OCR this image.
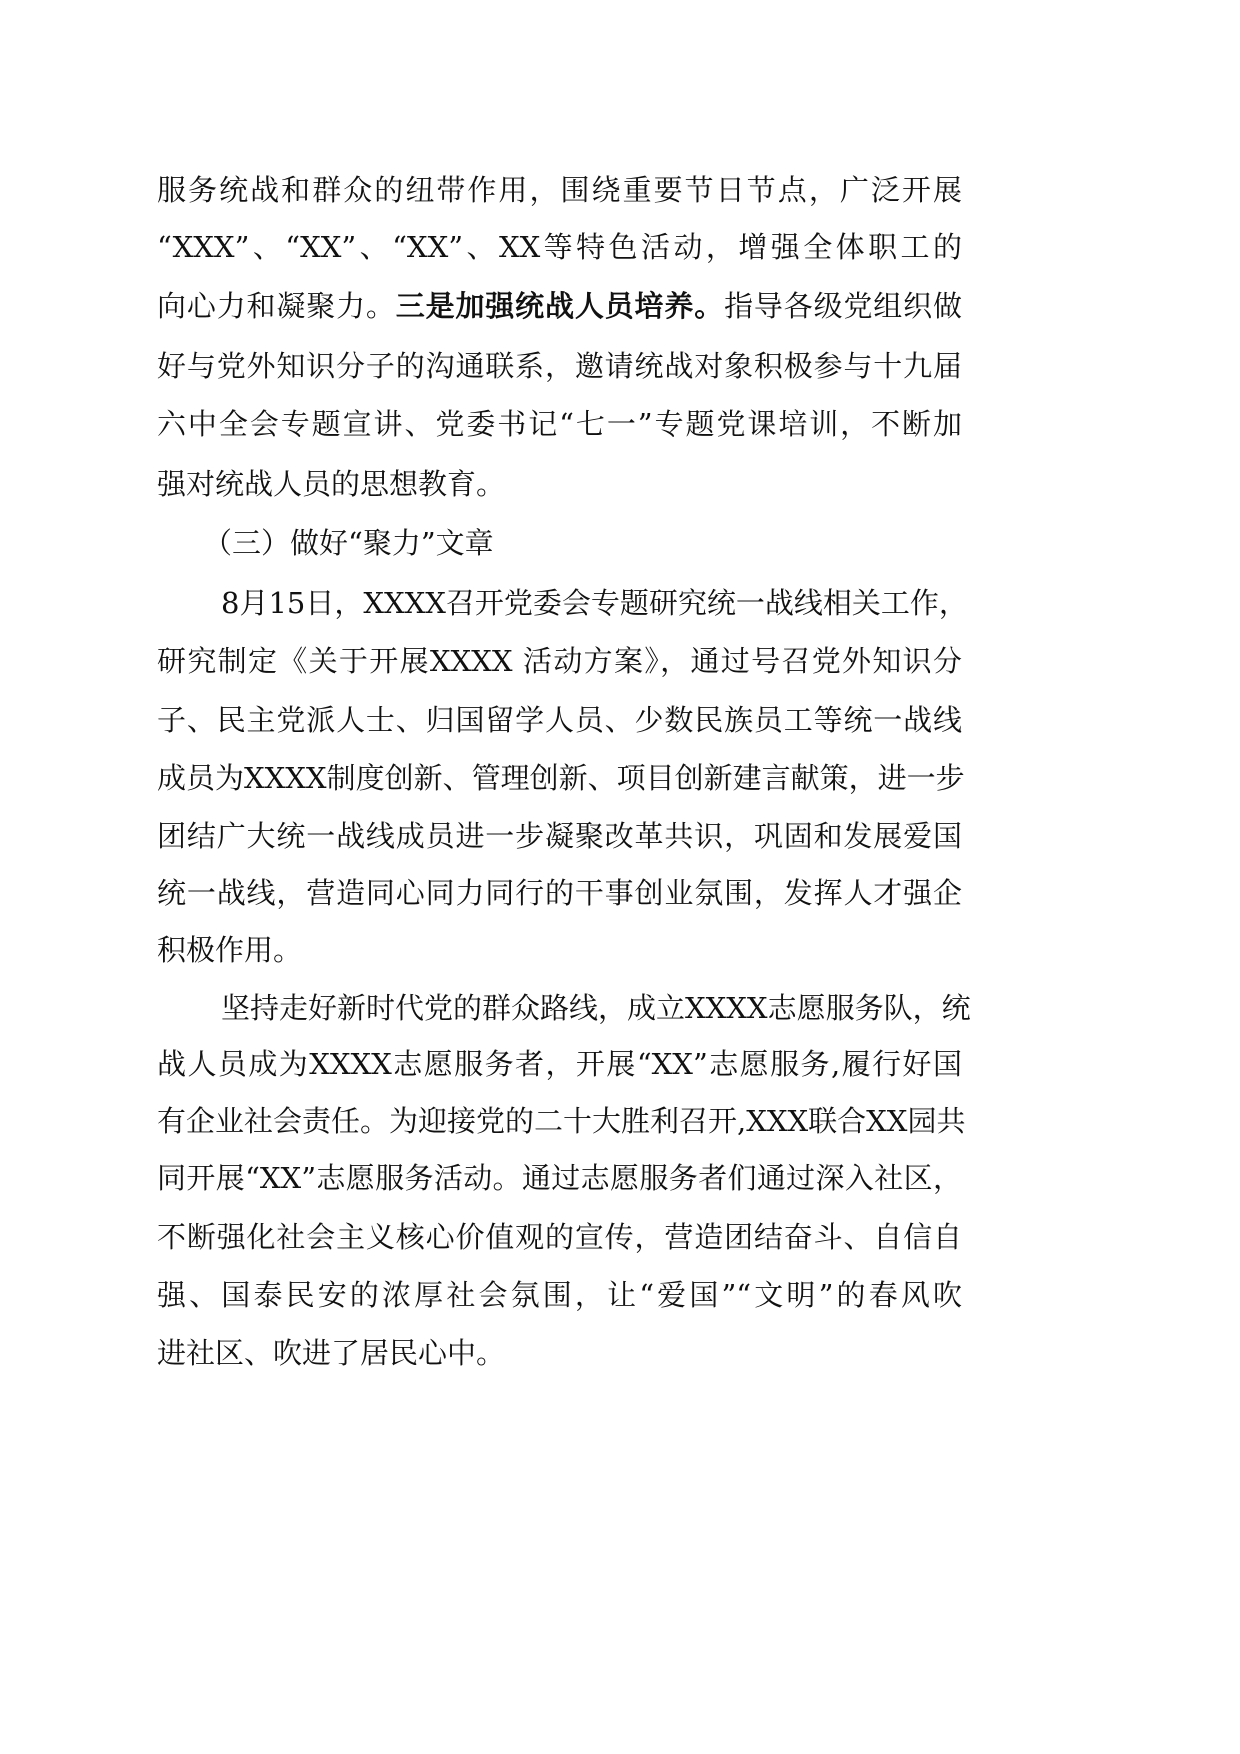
服务统战和群众的纽带作用，围绕重要节日节点，广泛开展
“XXX”、“XX”、“XX”、XX等特色活动，增强全体职工的
向心力和凝聚力。三是加强统战人员培养。指导各级党组织做
好与党外知识分子的沟通联系，邀请统战对象积极参与十九届
六中全会专题宣讲、党委书记“七一”专题党课培训，不断加
强对统战人员的思想教育。
（三）做好“聚力”文章
8月15日，XXXX召开党委会专题研究统一战线相关工作，
研究制定《关于开展XXXX 活动方案》，通过号召党外知识分
子、民主党派人士、归国留学人员、少数民族员工等统一战线
成员为XXXX制度创新、管理创新、项目创新建言献策，进一步
团结广大统一战线成员进一步凝聚改革共识，巩固和发展爱国
统一战线，营造同心同力同行的干事创业氛围，发挥人才强企
积极作用。
坚持走好新时代党的群众路线，成立XXXX志愿服务队，统
战人员成为XXXX志愿服务者，开展“XX”志愿服务,履行好国
有企业社会责任。为迎接党的二十大胜利召开,XXX联合XX园共
同开展“XX”志愿服务活动。通过志愿服务者们通过深入社区，
不断强化社会主义核心价值观的宣传，营造团结奋斗、自信自
强、国泰民安的浓厚社会氛围，让“爱国”“文明”的春风吹
进社区、吹进了居民心中。
